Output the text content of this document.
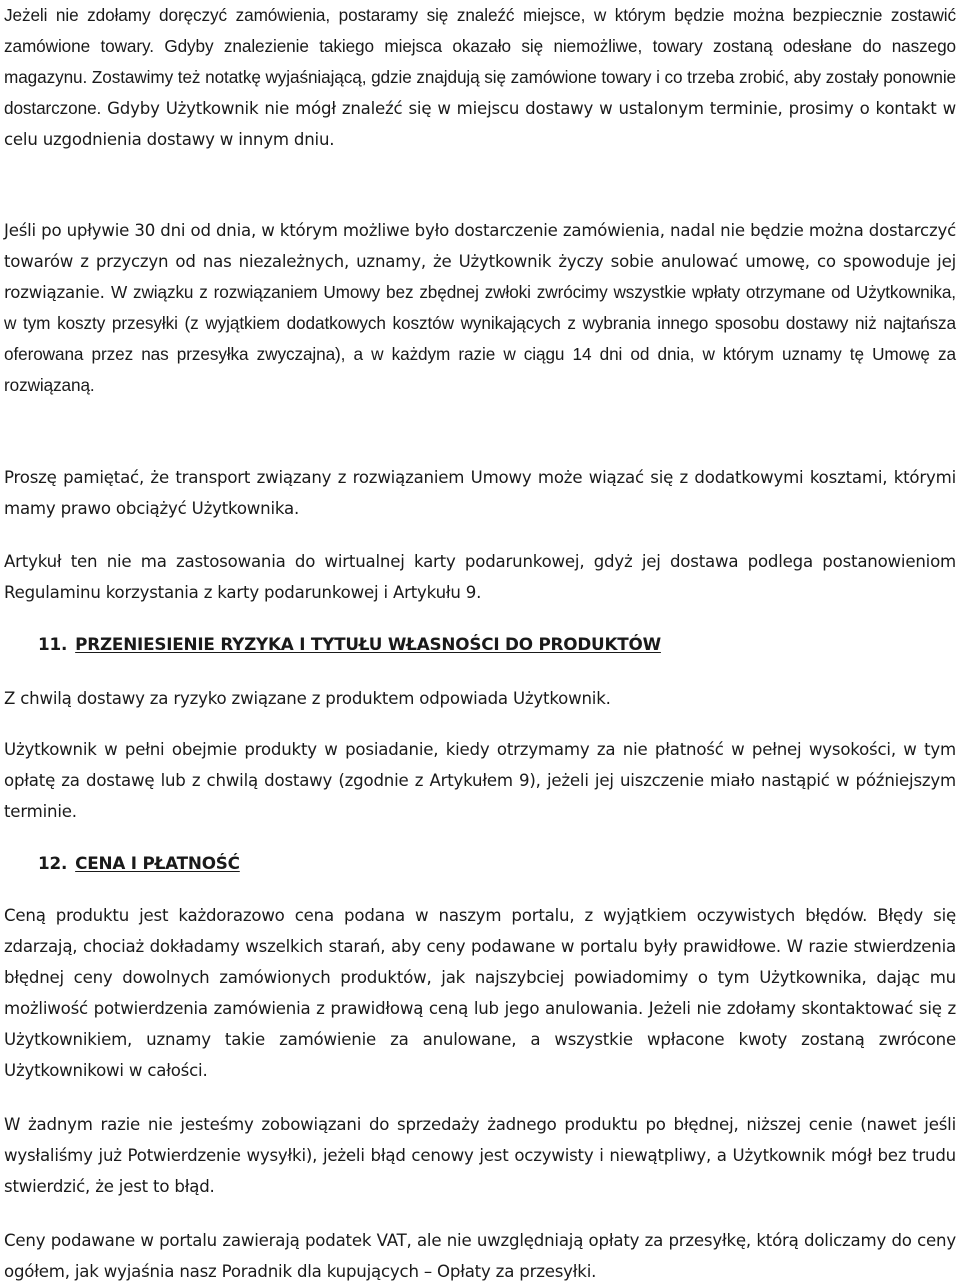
Jeżeli nie zdołamy doręczyć zamówienia, postaramy się znaleźć miejsce, w którym będzie można bezpiecznie zostawić zamówione towary. Gdyby znalezienie takiego miejsca okazało się niemożliwe, towary zostaną odesłane do naszego magazynu. Zostawimy też notatkę wyjaśniającą, gdzie znajdują się zamówione towary i co trzeba zrobić, aby zostały ponownie dostarczone. Gdyby Użytkownik nie mógł znaleźć się w miejscu dostawy w ustalonym terminie, prosimy o kontakt w celu uzgodnienia dostawy w innym dniu.

Jeśli po upływie 30 dni od dnia, w którym możliwe było dostarczenie zamówienia, nadal nie będzie można dostarczyć towarów z przyczyn od nas niezależnych, uznamy, że Użytkownik życzy sobie anulować umowę, co spowoduje jej rozwiązanie. W związku z rozwiązaniem Umowy bez zbędnej zwłoki zwrócimy wszystkie wpłaty otrzymane od Użytkownika, w tym koszty przesyłki (z wyjątkiem dodatkowych kosztów wynikających z wybrania innego sposobu dostawy niż najtańsza oferowana przez nas przesyłka zwyczajna), a w każdym razie w ciągu 14 dni od dnia, w którym uznamy tę Umowę za rozwiązaną.

Proszę pamiętać, że transport związany z rozwiązaniem Umowy może wiązać się z dodatkowymi kosztami, którymi mamy prawo obciążyć Użytkownika.

Artykuł ten nie ma zastosowania do wirtualnej karty podarunkowej, gdyż jej dostawa podlega postanowieniom Regulaminu korzystania z karty podarunkowej i Artykułu 9.

11. PRZENIESIENIE RYZYKA I TYTUŁU WŁASNOŚCI DO PRODUKTÓW

Z chwilą dostawy za ryzyko związane z produktem odpowiada Użytkownik.

Użytkownik w pełni obejmie produkty w posiadanie, kiedy otrzymamy za nie płatność w pełnej wysokości, w tym opłatę za dostawę lub z chwilą dostawy (zgodnie z Artykułem 9), jeżeli jej uiszczenie miało nastąpić w późniejszym terminie.

12. CENA I PŁATNOŚĆ

Ceną produktu jest każdorazowo cena podana w naszym portalu, z wyjątkiem oczywistych błędów. Błędy się zdarzają, chociaż dokładamy wszelkich starań, aby ceny podawane w portalu były prawidłowe. W razie stwierdzenia błędnej ceny dowolnych zamówionych produktów, jak najszybciej powiadomimy o tym Użytkownika, dając mu możliwość potwierdzenia zamówienia z prawidłową ceną lub jego anulowania. Jeżeli nie zdołamy skontaktować się z Użytkownikiem, uznamy takie zamówienie za anulowane, a wszystkie wpłacone kwoty zostaną zwrócone Użytkownikowi w całości.

W żadnym razie nie jesteśmy zobowiązani do sprzedaży żadnego produktu po błędnej, niższej cenie (nawet jeśli wysłaliśmy już Potwierdzenie wysyłki), jeżeli błąd cenowy jest oczywisty i niewątpliwy, a Użytkownik mógł bez trudu stwierdzić, że jest to błąd.

Ceny podawane w portalu zawierają podatek VAT, ale nie uwzględniają opłaty za przesyłkę, którą doliczamy do ceny ogółem, jak wyjaśnia nasz Poradnik dla kupujących – Opłaty za przesyłki.
